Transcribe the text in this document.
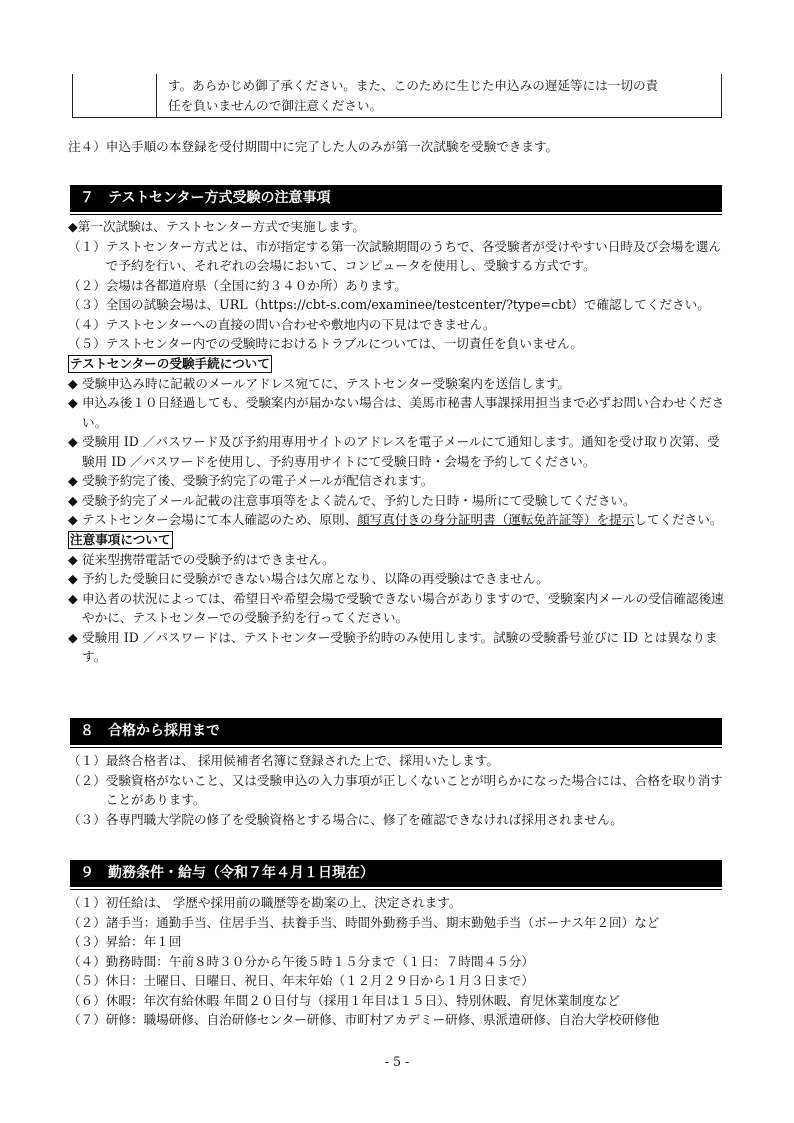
す。あらかじめ御了承ください。また、このために生じた申込みの遅延等には一切の責
任を負いませんので御注意ください。
注４）申込手順の本登録を受付期間中に完了した人のみが第一次試験を受験できます。
７　テストセンター方式受験の注意事項
◆第一次試験は、テストセンター方式で実施します。
（１） テストセンター方式とは、市が指定する第一次試験期間のうちで、各受験者が受けやすい日時及び会場を選んで予約を行い、それぞれの会場において、コンピュータを使用し、受験する方式です。
（２） 会場は各都道府県（全国に約３４０か所）あります。
（３） 全国の試験会場は、URL（https://cbt-s.com/examinee/testcenter/?type=cbt）で確認してください。
（４） テストセンターへの直接の問い合わせや敷地内の下見はできません。
（５） テストセンター内での受験時におけるトラブルについては、一切責任を負いません。
テストセンターの受験手続について
◆ 受験申込み時に記載のメールアドレス宛てに、テストセンター受験案内を送信します。
◆ 申込み後１０日経過しても、受験案内が届かない場合は、美馬市秘書人事課採用担当まで必ずお問い合わせください。
◆ 受験用 ID ／パスワード及び予約用専用サイトのアドレスを電子メールにて通知します。通知を受け取り次第、受験用 ID ／パスワードを使用し、予約専用サイトにて受験日時・会場を予約してください。
◆ 受験予約完了後、受験予約完了の電子メールが配信されます。
◆ 受験予約完了メール記載の注意事項等をよく読んで、予約した日時・場所にて受験してください。
◆ テストセンター会場にて本人確認のため、原則、顔写真付きの身分証明書（運転免許証等）を提示してください。
注意事項について
◆ 従来型携帯電話での受験予約はできません。
◆ 予約した受験日に受験ができない場合は欠席となり、以降の再受験はできません。
◆ 申込者の状況によっては、希望日や希望会場で受験できない場合がありますので、受験案内メールの受信確認後速やかに、テストセンターでの受験予約を行ってください。
◆ 受験用 ID ／パスワードは、テストセンター受験予約時のみ使用します。試験の受験番号並びに ID とは異なります。
８　合格から採用まで
（１） 最終合格者は、 採用候補者名簿に登録された上で、採用いたします。
（２） 受験資格がないこと、又は受験申込の入力事項が正しくないことが明らかになった場合には、合格を取り消すことがあります。
（３） 各専門職大学院の修了を受験資格とする場合に、修了を確認できなければ採用されません。
９　勤務条件・給与（令和７年４月１日現在）
（１） 初任給は、 学歴や採用前の職歴等を勘案の上、決定されます。
（２） 諸手当：通勤手当、住居手当、扶養手当、時間外勤務手当、期末勤勉手当（ボーナス年２回）など
（３） 昇給：年１回
（４） 勤務時間：午前８時３０分から午後５時１５分まで（１日：７時間４５分）
（５） 休日：土曜日、日曜日、祝日、年末年始（１２月２９日から１月３日まで）
（６） 休暇：年次有給休暇 年間２０日付与（採用１年目は１５日）、特別休暇、育児休業制度など
（７） 研修：職場研修、自治研修センター研修、市町村アカデミー研修、県派遣研修、自治大学校研修他
- 5 -
